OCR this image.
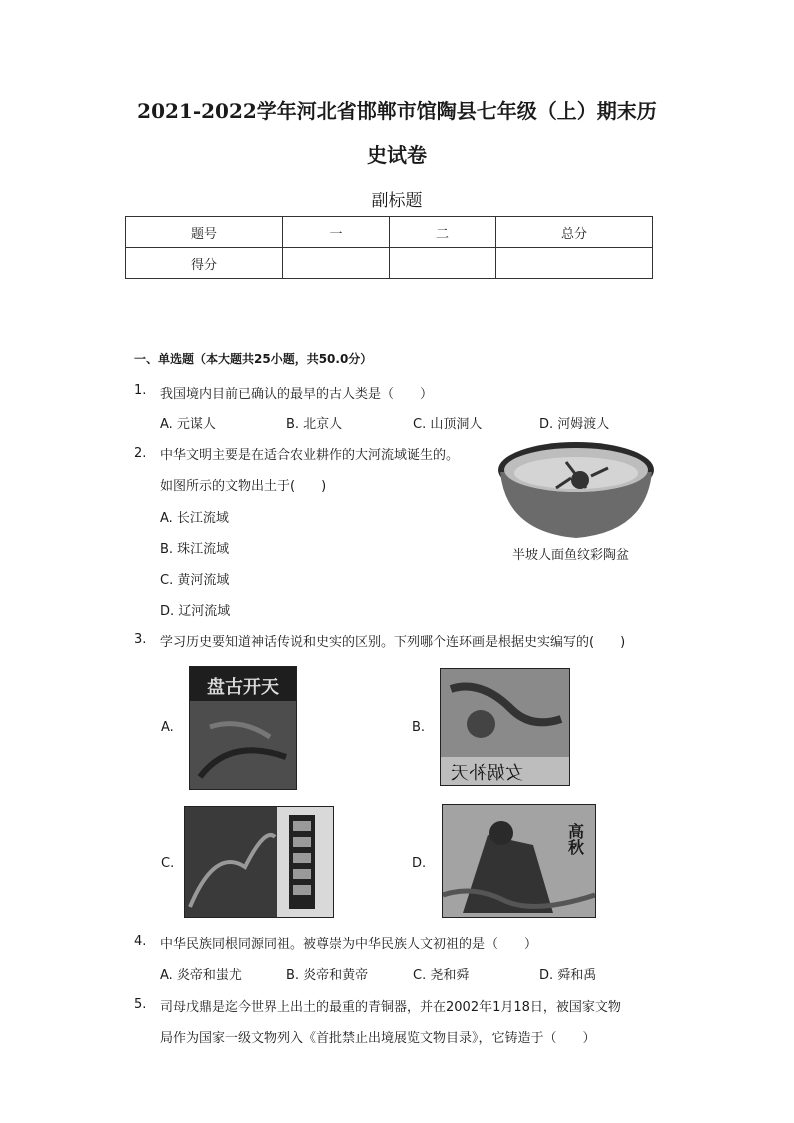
2021-2022学年河北省邯郸市馆陶县七年级（上）期末历
史试卷
副标题
题号	一	二	总分
得分			
一、单选题（本大题共25小题，共50.0分）
1. 我国境内目前已确认的最早的古人类是（　　）
A. 元谋人	B. 北京人	C. 山顶洞人	D. 河姆渡人
2. 中华文明主要是在适合农业耕作的大河流域诞生的。
如图所示的文物出土于(　　)
A. 长江流域
B. 珠江流域
C. 黄河流域
D. 辽河流域
半坡人面鱼纹彩陶盆
3. 学习历史要知道神话传说和史实的区别。下列哪个连环画是根据史实编写的(　　)
A.
盘古开天
B.
女娲补天
C.	D.
高秋
4. 中华民族同根同源同祖。被尊崇为中华民族人文初祖的是（　　）
A. 炎帝和蚩尤	B. 炎帝和黄帝	C. 尧和舜	D. 舜和禹
5. 司母戊鼎是迄今世界上出土的最重的青铜器，并在2002年1月18日，被国家文物
局作为国家一级文物列入《首批禁止出境展览文物目录》，它铸造于（　　）
